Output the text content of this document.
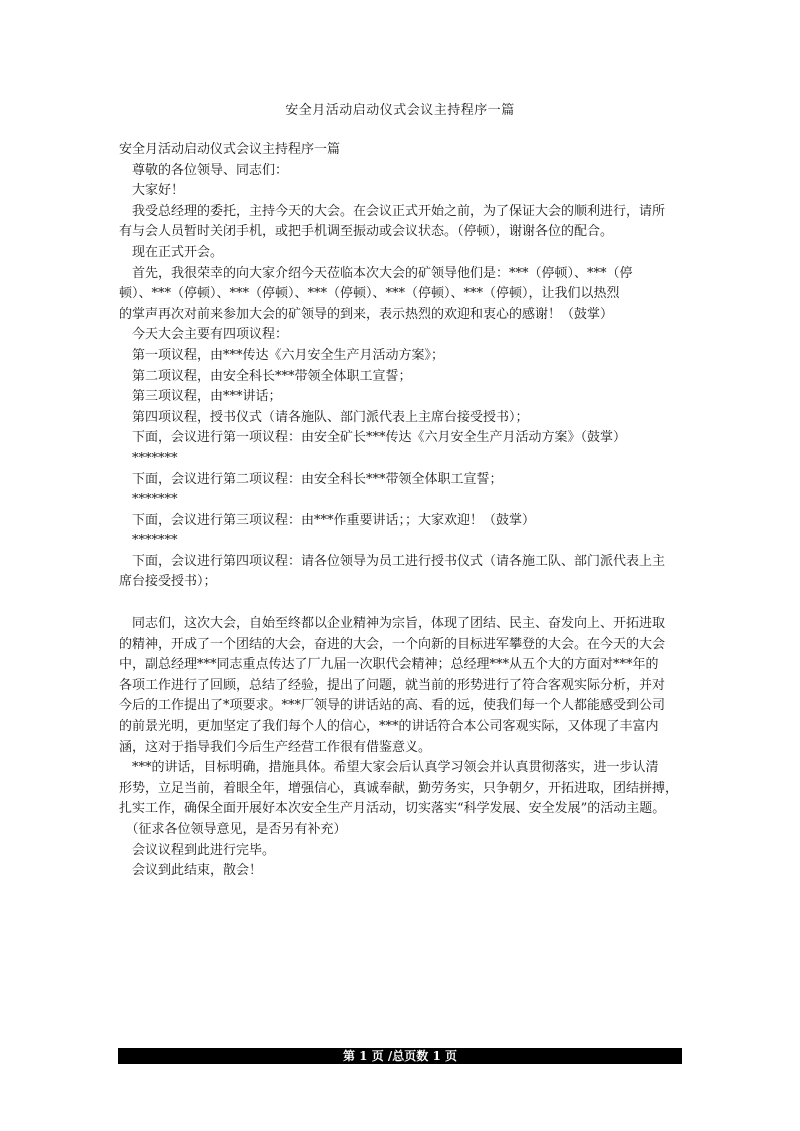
安全月活动启动仪式会议主持程序一篇
安全月活动启动仪式会议主持程序一篇
　尊敬的各位领导、同志们：
　大家好！
　我受总经理的委托，主持今天的大会。在会议正式开始之前，为了保证大会的顺利进行，请所
有与会人员暂时关闭手机，或把手机调至振动或会议状态。（停顿），谢谢各位的配合。
　现在正式开会。
　首先，我很荣幸的向大家介绍今天莅临本次大会的矿领导他们是：***（停顿）、***（停
顿）、***（停顿）、***（停顿）、***（停顿）、***（停顿）、***（停顿），让我们以热烈
的掌声再次对前来参加大会的矿领导的到来，表示热烈的欢迎和衷心的感谢！（鼓掌）
　今天大会主要有四项议程：
　第一项议程，由***传达《六月安全生产月活动方案》；
　第二项议程，由安全科长***带领全体职工宣誓；
　第三项议程，由***讲话；
　第四项议程，授书仪式（请各施队、部门派代表上主席台接受授书）；
　下面，会议进行第一项议程：由安全矿长***传达《六月安全生产月活动方案》（鼓掌）
　*******
　下面，会议进行第二项议程：由安全科长***带领全体职工宣誓；
　*******
　下面，会议进行第三项议程：由***作重要讲话；；大家欢迎！（鼓掌）
　*******
　下面，会议进行第四项议程：请各位领导为员工进行授书仪式（请各施工队、部门派代表上主
席台接受授书）；
　同志们，这次大会，自始至终都以企业精神为宗旨，体现了团结、民主、奋发向上、开拓进取
的精神，开成了一个团结的大会，奋进的大会，一个向新的目标进军攀登的大会。在今天的大会
中，副总经理***同志重点传达了厂九届一次职代会精神；总经理***从五个大的方面对***年的
各项工作进行了回顾，总结了经验，提出了问题，就当前的形势进行了符合客观实际分析，并对
今后的工作提出了*项要求。***厂领导的讲话站的高、看的远，使我们每一个人都能感受到公司
的前景光明，更加坚定了我们每个人的信心，***的讲话符合本公司客观实际，又体现了丰富内
涵，这对于指导我们今后生产经营工作很有借鉴意义。
　***的讲话，目标明确，措施具体。希望大家会后认真学习领会并认真贯彻落实，进一步认清
形势，立足当前，着眼全年，增强信心，真诚奉献，勤劳务实，只争朝夕，开拓进取，团结拼搏，
扎实工作，确保全面开展好本次安全生产月活动，切实落实“科学发展、安全发展”的活动主题。
　（征求各位领导意见，是否另有补充）
　会议议程到此进行完毕。
　会议到此结束，散会！
第 1 页 /总页数 1 页
